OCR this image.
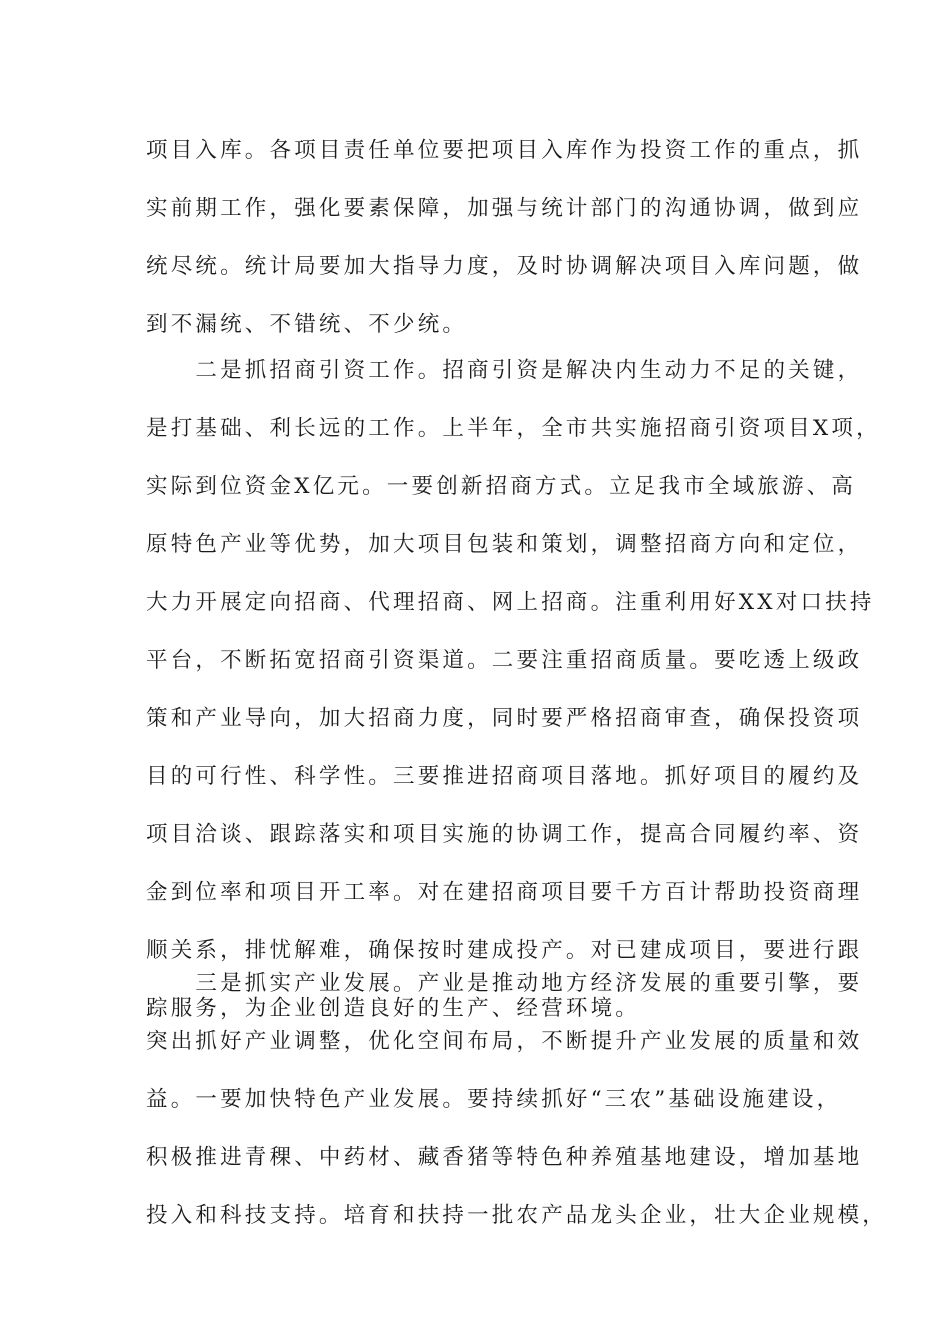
项目入库。各项目责任单位要把项目入库作为投资工作的重点，抓
实前期工作，强化要素保障，加强与统计部门的沟通协调，做到应
统尽统。统计局要加大指导力度，及时协调解决项目入库问题，做
到不漏统、不错统、不少统。
　　二是抓招商引资工作。招商引资是解决内生动力不足的关键，
是打基础、利长远的工作。上半年，全市共实施招商引资项目X项，
实际到位资金X亿元。一要创新招商方式。立足我市全域旅游、高
原特色产业等优势，加大项目包装和策划，调整招商方向和定位，
大力开展定向招商、代理招商、网上招商。注重利用好XX对口扶持
平台，不断拓宽招商引资渠道。二要注重招商质量。要吃透上级政
策和产业导向，加大招商力度，同时要严格招商审查，确保投资项
目的可行性、科学性。三要推进招商项目落地。抓好项目的履约及
项目洽谈、跟踪落实和项目实施的协调工作，提高合同履约率、资
金到位率和项目开工率。对在建招商项目要千方百计帮助投资商理
顺关系，排忧解难，确保按时建成投产。对已建成项目，要进行跟
踪服务，为企业创造良好的生产、经营环境。
　　三是抓实产业发展。产业是推动地方经济发展的重要引擎，要
突出抓好产业调整，优化空间布局，不断提升产业发展的质量和效
益。一要加快特色产业发展。要持续抓好“三农”基础设施建设，
积极推进青稞、中药材、藏香猪等特色种养殖基地建设，增加基地
投入和科技支持。培育和扶持一批农产品龙头企业，壮大企业规模，
